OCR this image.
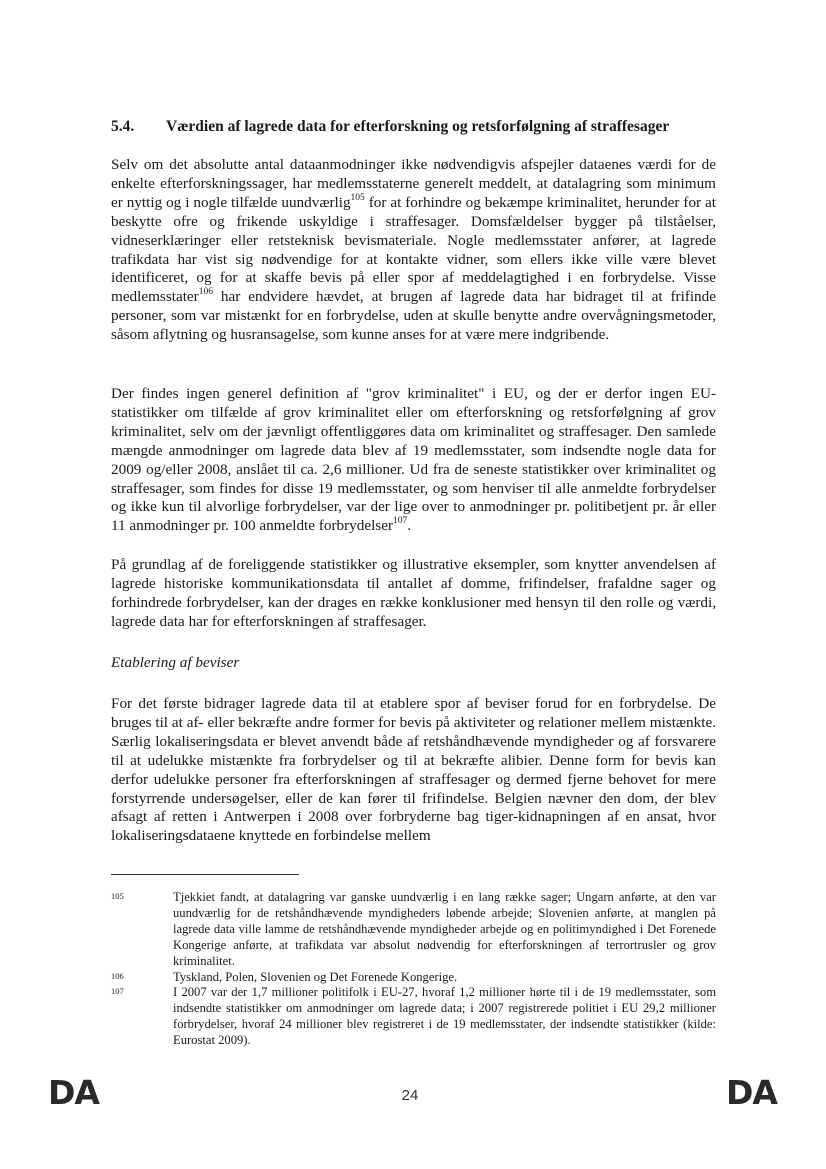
5.4. Værdien af lagrede data for efterforskning og retsforfølgning af straffesager

Selv om det absolutte antal dataanmodninger ikke nødvendigvis afspejler dataenes værdi for de enkelte efterforskningssager, har medlemsstaterne generelt meddelt, at datalagring som minimum er nyttig og i nogle tilfælde uundværlig$^{105}$ for at forhindre og bekæmpe kriminalitet, herunder for at beskytte ofre og frikende uskyldige i straffesager. Domsfældelser bygger på tilståelser, vidneserklæringer eller retsteknisk bevismateriale. Nogle medlemsstater anfører, at lagrede trafikdata har vist sig nødvendige for at kontakte vidner, som ellers ikke ville være blevet identificeret, og for at skaffe bevis på eller spor af meddelagtighed i en forbrydelse. Visse medlemsstater$^{106}$ har endvidere hævdet, at brugen af lagrede data har bidraget til at frifinde personer, som var mistænkt for en forbrydelse, uden at skulle benytte andre overvågningsmetoder, såsom aflytning og husransagelse, som kunne anses for at være mere indgribende.

Der findes ingen generel definition af "grov kriminalitet" i EU, og der er derfor ingen EU-statistikker om tilfælde af grov kriminalitet eller om efterforskning og retsforfølgning af grov kriminalitet, selv om der jævnligt offentliggøres data om kriminalitet og straffesager. Den samlede mængde anmodninger om lagrede data blev af 19 medlemsstater, som indsendte nogle data for 2009 og/eller 2008, anslået til ca. 2,6 millioner. Ud fra de seneste statistikker over kriminalitet og straffesager, som findes for disse 19 medlemsstater, og som henviser til alle anmeldte forbrydelser og ikke kun til alvorlige forbrydelser, var der lige over to anmodninger pr. politibetjent pr. år eller 11 anmodninger pr. 100 anmeldte forbrydelser$^{107}$.

På grundlag af de foreliggende statistikker og illustrative eksempler, som knytter anvendelsen af lagrede historiske kommunikationsdata til antallet af domme, frifindelser, frafaldne sager og forhindrede forbrydelser, kan der drages en række konklusioner med hensyn til den rolle og værdi, lagrede data har for efterforskningen af straffesager.

Etablering af beviser

For det første bidrager lagrede data til at etablere spor af beviser forud for en forbrydelse. De bruges til at af- eller bekræfte andre former for bevis på aktiviteter og relationer mellem mistænkte. Særlig lokaliseringsdata er blevet anvendt både af retshåndhævende myndigheder og af forsvarere til at udelukke mistænkte fra forbrydelser og til at bekræfte alibier. Denne form for bevis kan derfor udelukke personer fra efterforskningen af straffesager og dermed fjerne behovet for mere forstyrrende undersøgelser, eller de kan fører til frifindelse. Belgien nævner den dom, der blev afsagt af retten i Antwerpen i 2008 over forbryderne bag tiger-kidnapningen af en ansat, hvor lokaliseringsdataene knyttede en forbindelse mellem

105	Tjekkiet fandt, at datalagring var ganske uundværlig i en lang række sager; Ungarn anførte, at den var uundværlig for de retshåndhævende myndigheders løbende arbejde; Slovenien anførte, at manglen på lagrede data ville lamme de retshåndhævende myndigheder arbejde og en politimyndighed i Det Forenede Kongerige anførte, at trafikdata var absolut nødvendig for efterforskningen af terrortrusler og grov kriminalitet.
106	Tyskland, Polen, Slovenien og Det Forenede Kongerige.
107	I 2007 var der 1,7 millioner politifolk i EU-27, hvoraf 1,2 millioner hørte til i de 19 medlemsstater, som indsendte statistikker om anmodninger om lagrede data; i 2007 registrerede politiet i EU 29,2 millioner forbrydelser, hvoraf 24 millioner blev registreret i de 19 medlemsstater, der indsendte statistikker (kilde: Eurostat 2009).
DA	24	DA
